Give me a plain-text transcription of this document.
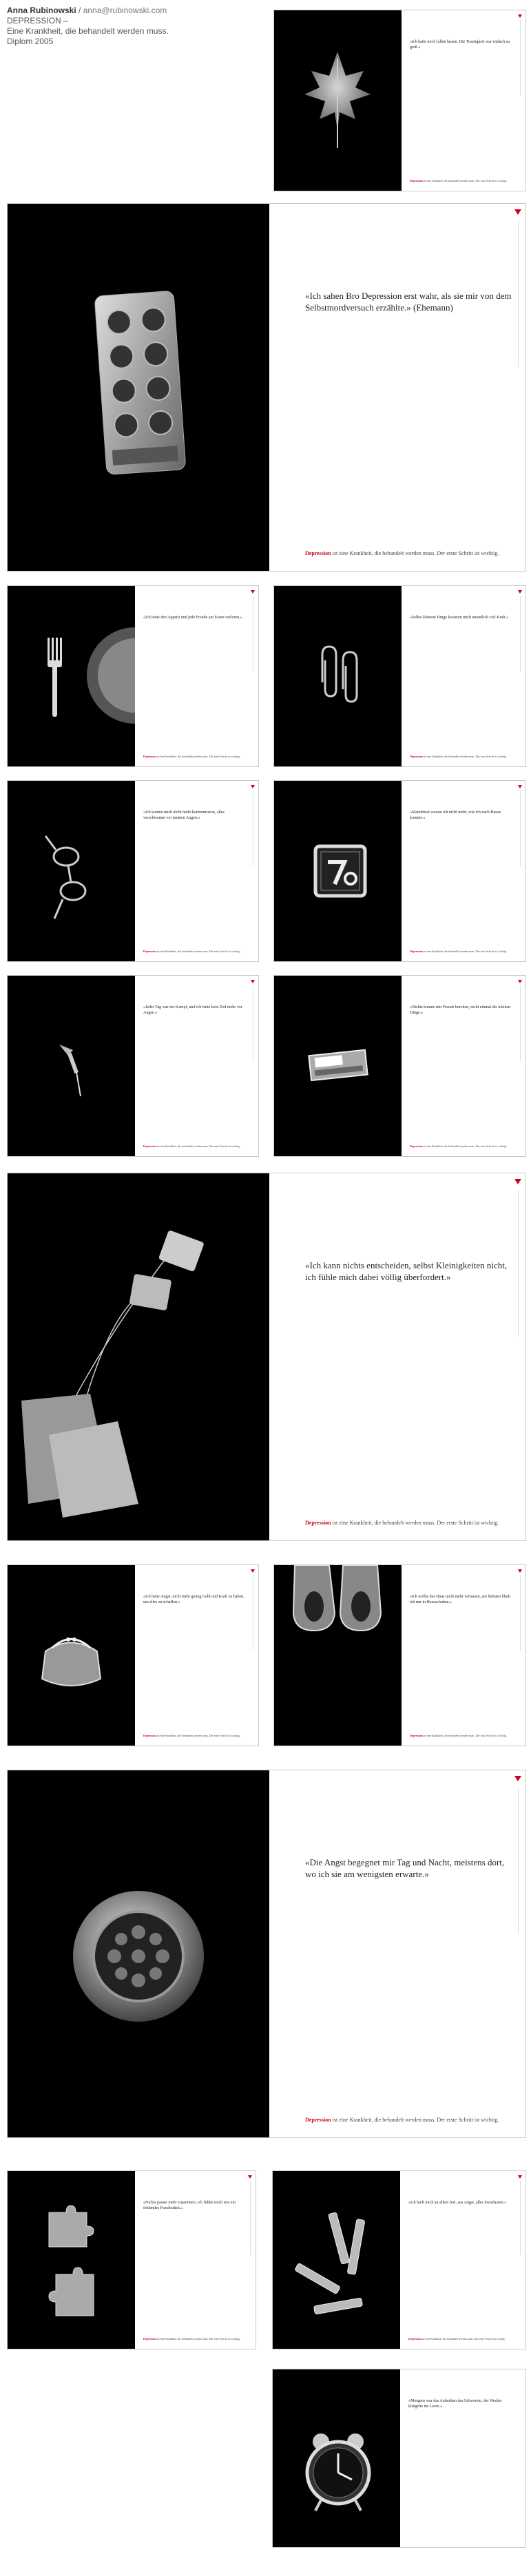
Anna Rubinowski / anna@rubinowski.com
DEPRESSION –
Eine Krankheit, die behandelt werden muss.
Diplom 2005	«Ich hatte mich fallen lassen. Die Traurigkeit war einfach zu groß.»
Depression ist eine Krankheit, die behandelt werden muss. Der erste Schritt ist wichtig.
«Ich sahen Bro Depression erst wahr, als sie mir von dem Selbstmordversuch erzählte.» (Ehemann)
Depression ist eine Krankheit, die behandelt werden muss. Der erste Schritt ist wichtig.
«Ich hatte den Appetit und jede Freude am Essen verloren.»
Depression ist eine Krankheit, die behandelt werden muss. Der erste Schritt ist wichtig.
«Selbst kleinste Dinge kosteten mich unendlich viel Kraft.»
Depression ist eine Krankheit, die behandelt werden muss. Der erste Schritt ist wichtig.
«Ich konnte mich nicht mehr konzentrieren, alles verschwamm vor meinen Augen.»
Depression ist eine Krankheit, die behandelt werden muss. Der erste Schritt ist wichtig.
«Manchmal wusste ich nicht mehr, wie ich nach Hause komme.»
Depression ist eine Krankheit, die behandelt werden muss. Der erste Schritt ist wichtig.
«Jeder Tag war ein Kampf, und ich hatte kein Ziel mehr vor Augen.»
Depression ist eine Krankheit, die behandelt werden muss. Der erste Schritt ist wichtig.
«Nichts konnte mir Freude bereiten, nicht einmal die kleinen Dinge.»
Depression ist eine Krankheit, die behandelt werden muss. Der erste Schritt ist wichtig.
«Ich kann nichts entscheiden, selbst Kleinigkeiten nicht, ich fühle mich dabei völlig überfordert.»
Depression ist eine Krankheit, die behandelt werden muss. Der erste Schritt ist wichtig.
«Ich hatte Angst, nicht mehr genug Geld und Kraft zu haben, um alles zu schaffen.»
Depression ist eine Krankheit, die behandelt werden muss. Der erste Schritt ist wichtig.
«Ich wollte das Haus nicht mehr verlassen, am liebsten blieb ich nur in Hausschuhen.»
Depression ist eine Krankheit, die behandelt werden muss. Der erste Schritt ist wichtig.
«Die Angst begegnet mir Tag und Nacht, meistens dort, wo ich sie am wenigsten erwarte.»
Depression ist eine Krankheit, die behandelt werden muss. Der erste Schritt ist wichtig.
«Nichts passte mehr zusammen, ich fühlte mich wie ein fehlendes Puzzlestück.»
Depression ist eine Krankheit, die behandelt werden muss. Der erste Schritt ist wichtig.
«Ich hielt mich an allem fest, aus Angst, alles loszulassen.»
Depression ist eine Krankheit, die behandelt werden muss. Der erste Schritt ist wichtig.
«Morgens war das Aufstehen das Schwerste, der Wecker klingelte ins Leere.»
